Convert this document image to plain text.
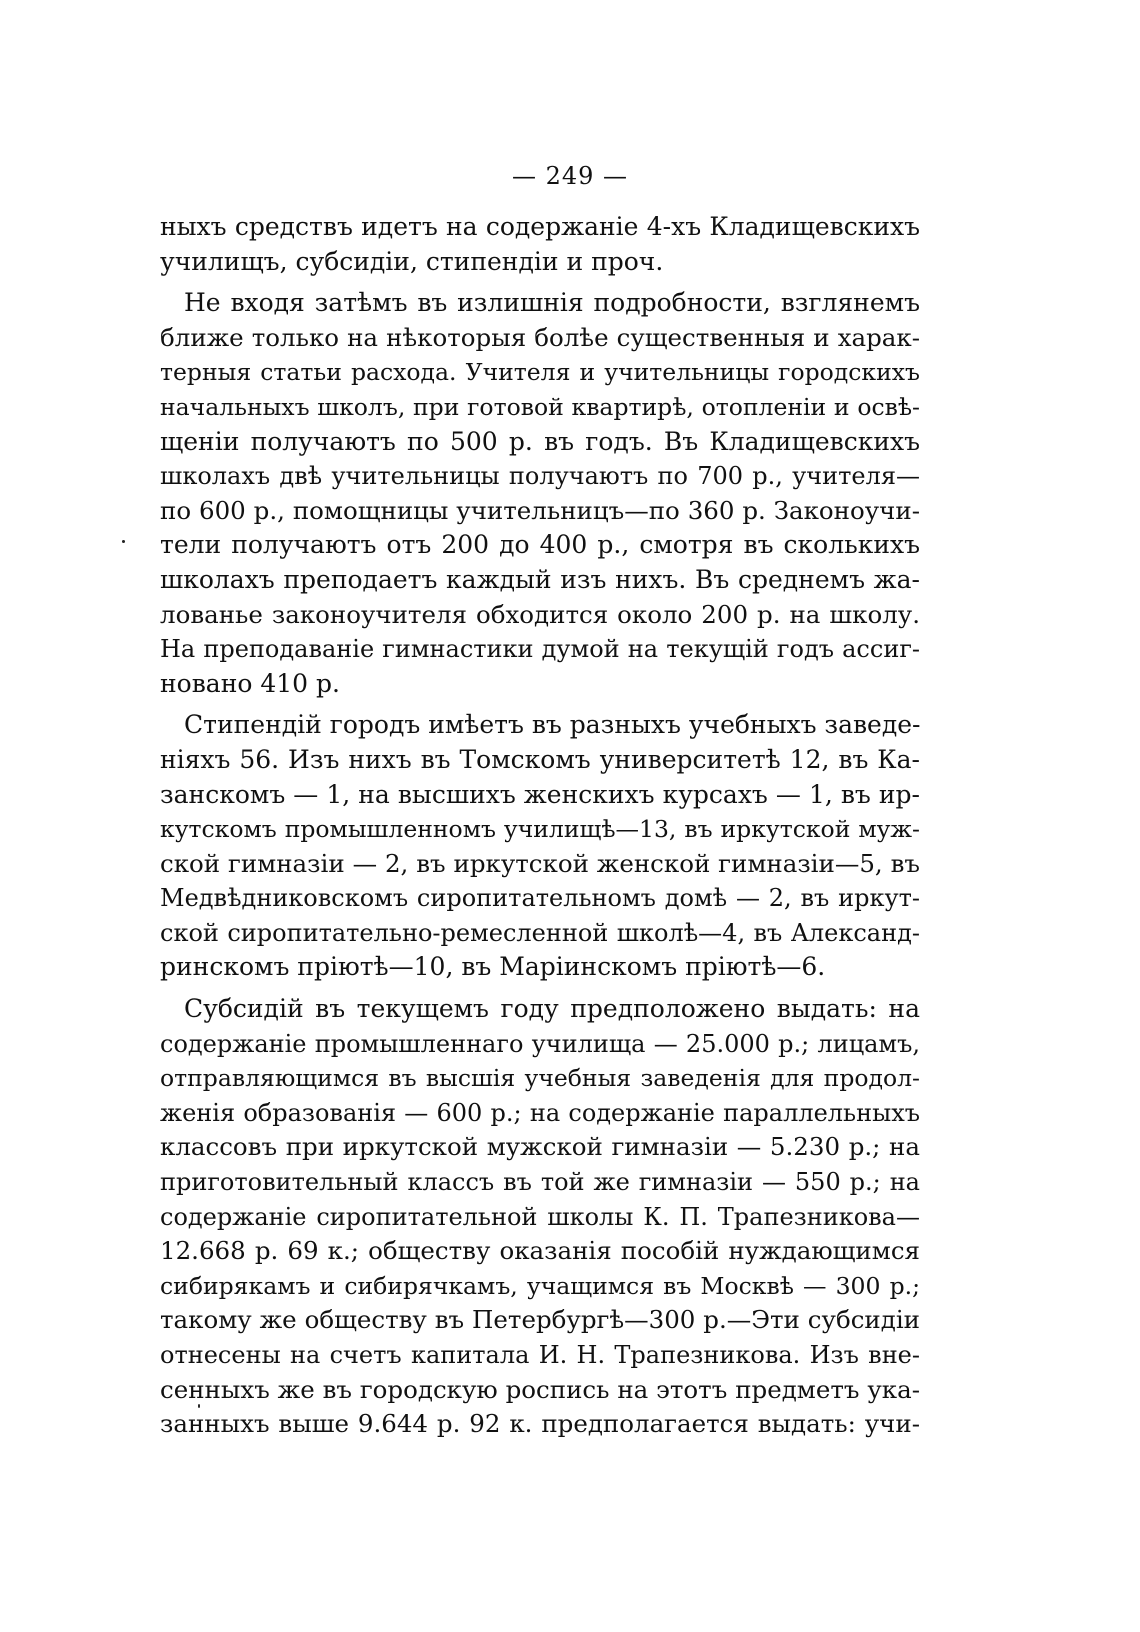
— 249 —
ныхъ средствъ идетъ на содержанiе 4-хъ Кладищевскихъ
училищъ, субсидiи, стипендiи и проч.
Не входя затѣмъ въ излишнiя подробности, взглянемъ
ближе только на нѣкоторыя болѣе существенныя и харак-
терныя статьи расхода. Учителя и учительницы городскихъ
начальныхъ школъ, при готовой квартирѣ, отопленiи и освѣ-
щенiи получаютъ по 500 р. въ годъ. Въ Кладищевскихъ
школахъ двѣ учительницы получаютъ по 700 р., учителя—
по 600 р., помощницы учительницъ—по 360 р. Законоучи-
тели получаютъ отъ 200 до 400 р., смотря въ сколькихъ
школахъ преподаетъ каждый изъ нихъ. Въ среднемъ жа-
лованье законоучителя обходится около 200 р. на школу.
На преподаванiе гимнастики думой на текущiй годъ ассиг-
новано 410 р.
Стипендiй городъ имѣетъ въ разныхъ учебныхъ заведе-
нiяхъ 56. Изъ нихъ въ Томскомъ университетѣ 12, въ Ка-
занскомъ — 1, на высшихъ женскихъ курсахъ — 1, въ ир-
кутскомъ промышленномъ училищѣ—13, въ иркутской муж-
ской гимназiи — 2, въ иркутской женской гимназiи—5, въ
Медвѣдниковскомъ сиропитательномъ домѣ — 2, въ иркут-
ской сиропитательно-ремесленной школѣ—4, въ Александ-
ринскомъ прiютѣ—10, въ Марiинскомъ прiютѣ—6.
Субсидiй въ текущемъ году предположено выдать: на
содержанiе промышленнаго училища — 25.000 р.; лицамъ,
отправляющимся въ высшiя учебныя заведенiя для продол-
женiя образованiя — 600 р.; на содержанiе параллельныхъ
классовъ при иркутской мужской гимназiи — 5.230 р.; на
приготовительный классъ въ той же гимназiи — 550 р.; на
содержанiе сиропитательной школы К. П. Трапезникова—
12.668 р. 69 к.; обществу оказанiя пособiй нуждающимся
сибирякамъ и сибирячкамъ, учащимся въ Москвѣ — 300 р.;
такому же обществу въ Петербургѣ—300 р.—Эти субсидiи
отнесены на счетъ капитала И. Н. Трапезникова. Изъ вне-
сенныхъ же въ городскую роспись на этотъ предметъ ука-
занныхъ выше 9.644 р. 92 к. предполагается выдать: учи-
